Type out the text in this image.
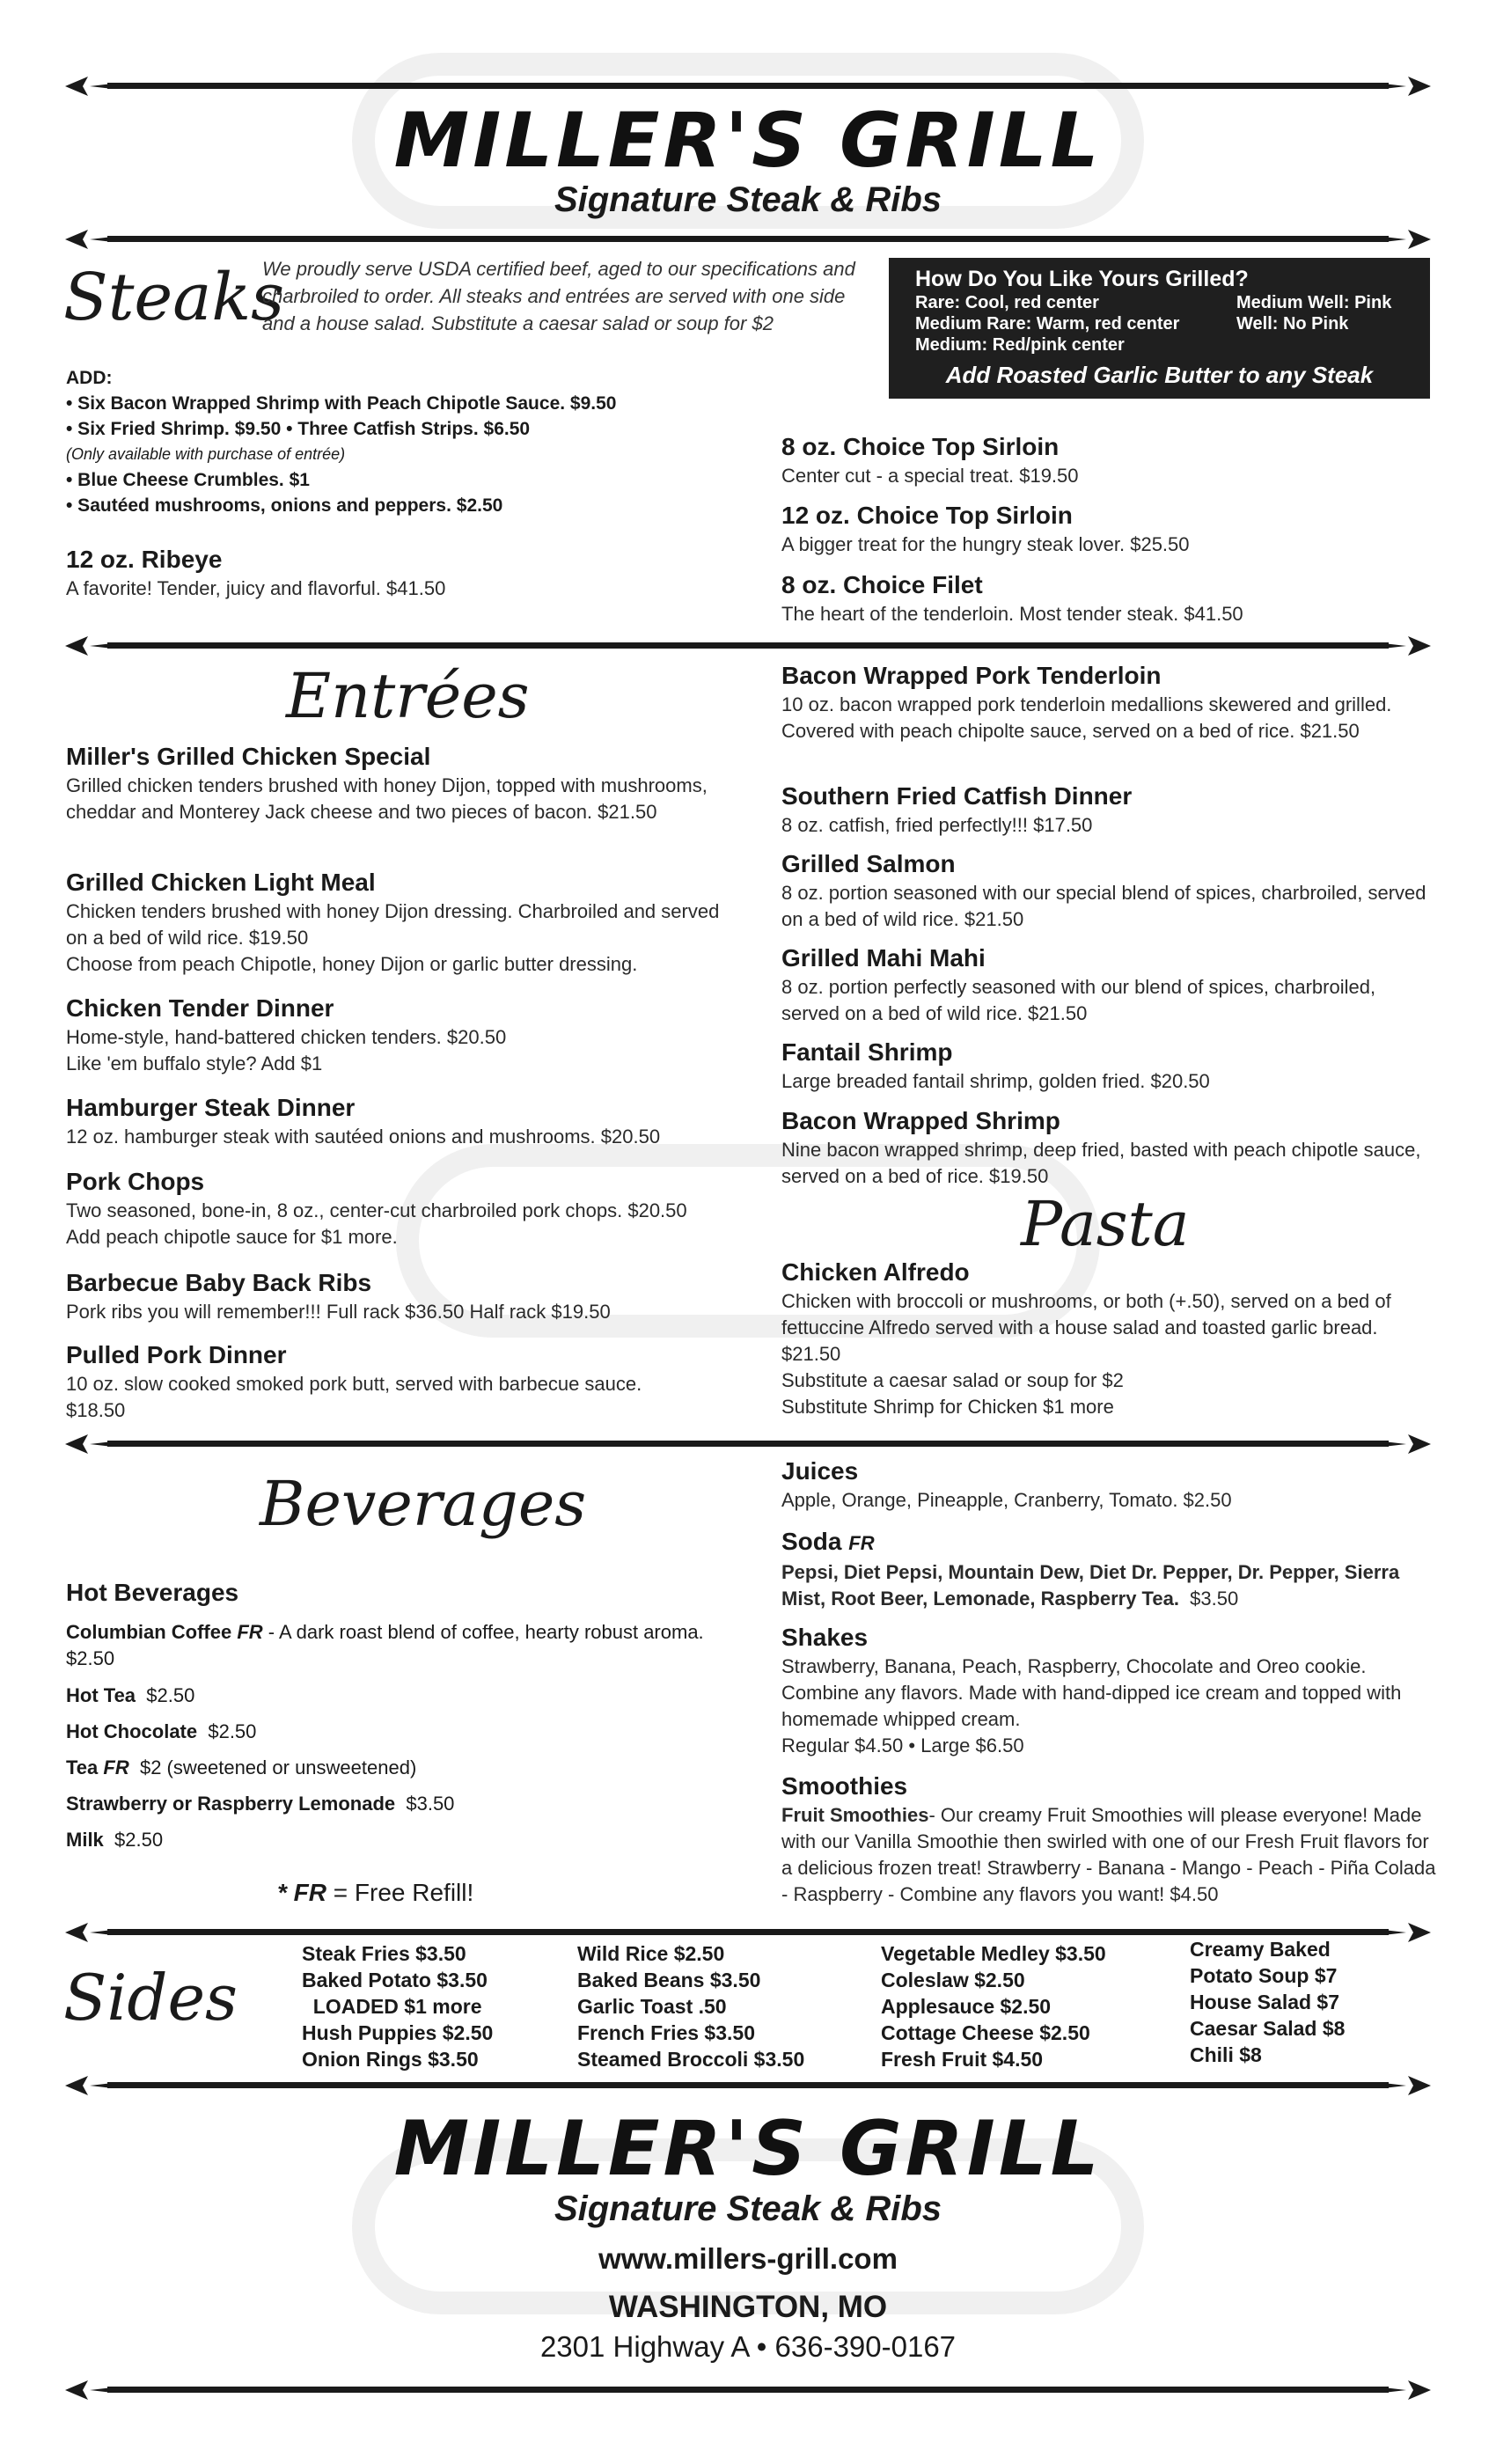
MILLER'S GRILL
Signature Steak & Ribs
Steaks
We proudly serve USDA certified beef, aged to our specifications and charbroiled to order. All steaks and entrées are served with one side and a house salad. Substitute a caesar salad or soup for $2
How Do You Like Yours Grilled?
Rare: Cool, red center
Medium Rare: Warm, red center
Medium: Red/pink center
Medium Well: Pink
Well: No Pink
Add Roasted Garlic Butter to any Steak
ADD:
• Six Bacon Wrapped Shrimp with Peach Chipotle Sauce. $9.50
• Six Fried Shrimp. $9.50 • Three Catfish Strips. $6.50
(Only available with purchase of entrée)
• Blue Cheese Crumbles. $1
• Sautéed mushrooms, onions and peppers. $2.50
12 oz. Ribeye
A favorite! Tender, juicy and flavorful. $41.50
8 oz. Choice Top Sirloin
Center cut - a special treat. $19.50
12 oz. Choice Top Sirloin
A bigger treat for the hungry steak lover. $25.50
8 oz. Choice Filet
The heart of the tenderloin. Most tender steak. $41.50
Entrées
Miller's Grilled Chicken Special
Grilled chicken tenders brushed with honey Dijon, topped with mushrooms, cheddar and Monterey Jack cheese and two pieces of bacon. $21.50
Grilled Chicken Light Meal
Chicken tenders brushed with honey Dijon dressing. Charbroiled and served on a bed of wild rice. $19.50
Choose from peach Chipotle, honey Dijon or garlic butter dressing.
Chicken Tender Dinner
Home-style, hand-battered chicken tenders. $20.50
Like 'em buffalo style? Add $1
Hamburger Steak Dinner
12 oz. hamburger steak with sautéed onions and mushrooms. $20.50
Pork Chops
Two seasoned, bone-in, 8 oz., center-cut charbroiled pork chops. $20.50
Add peach chipotle sauce for $1 more.
Barbecue Baby Back Ribs
Pork ribs you will remember!!! Full rack $36.50 Half rack $19.50
Pulled Pork Dinner
10 oz. slow cooked smoked pork butt, served with barbecue sauce. $18.50
Bacon Wrapped Pork Tenderloin
10 oz. bacon wrapped pork tenderloin medallions skewered and grilled. Covered with peach chipolte sauce, served on a bed of rice. $21.50
Southern Fried Catfish Dinner
8 oz. catfish, fried perfectly!!! $17.50
Grilled Salmon
8 oz. portion seasoned with our special blend of spices, charbroiled, served on a bed of wild rice. $21.50
Grilled Mahi Mahi
8 oz. portion perfectly seasoned with our blend of spices, charbroiled, served on a bed of wild rice. $21.50
Fantail Shrimp
Large breaded fantail shrimp, golden fried. $20.50
Bacon Wrapped Shrimp
Nine bacon wrapped shrimp, deep fried, basted with peach chipotle sauce, served on a bed of rice. $19.50
Pasta
Chicken Alfredo
Chicken with broccoli or mushrooms, or both (+.50), served on a bed of fettuccine Alfredo served with a house salad and toasted garlic bread. $21.50
Substitute a caesar salad or soup for $2
Substitute Shrimp for Chicken $1 more
Beverages
Hot Beverages
Columbian Coffee FR - A dark roast blend of coffee, hearty robust aroma. $2.50
Hot Tea  $2.50
Hot Chocolate  $2.50
Tea FR  $2 (sweetened or unsweetened)
Strawberry or Raspberry Lemonade  $3.50
Milk  $2.50
* FR = Free Refill!
Juices
Apple, Orange, Pineapple, Cranberry, Tomato. $2.50
Soda FR
Pepsi, Diet Pepsi, Mountain Dew, Diet Dr. Pepper, Dr. Pepper, Sierra Mist, Root Beer, Lemonade, Raspberry Tea.  $3.50
Shakes
Strawberry, Banana, Peach, Raspberry, Chocolate and Oreo cookie. Combine any flavors. Made with hand-dipped ice cream and topped with homemade whipped cream.
Regular $4.50 • Large $6.50
Smoothies
Fruit Smoothies- Our creamy Fruit Smoothies will please everyone! Made with our Vanilla Smoothie then swirled with one of our Fresh Fruit flavors for a delicious frozen treat! Strawberry - Banana - Mango - Peach - Piña Colada - Raspberry - Combine any flavors you want! $4.50
Sides
Steak Fries $3.50
Baked Potato $3.50
LOADED $1 more
Hush Puppies $2.50
Onion Rings $3.50
Wild Rice $2.50
Baked Beans $3.50
Garlic Toast .50
French Fries $3.50
Steamed Broccoli $3.50
Vegetable Medley $3.50
Coleslaw $2.50
Applesauce $2.50
Cottage Cheese $2.50
Fresh Fruit $4.50
Creamy Baked
Potato Soup $7
House Salad $7
Caesar Salad $8
Chili $8
MILLER'S GRILL
Signature Steak & Ribs
www.millers-grill.com
WASHINGTON, MO
2301 Highway A • 636-390-0167
